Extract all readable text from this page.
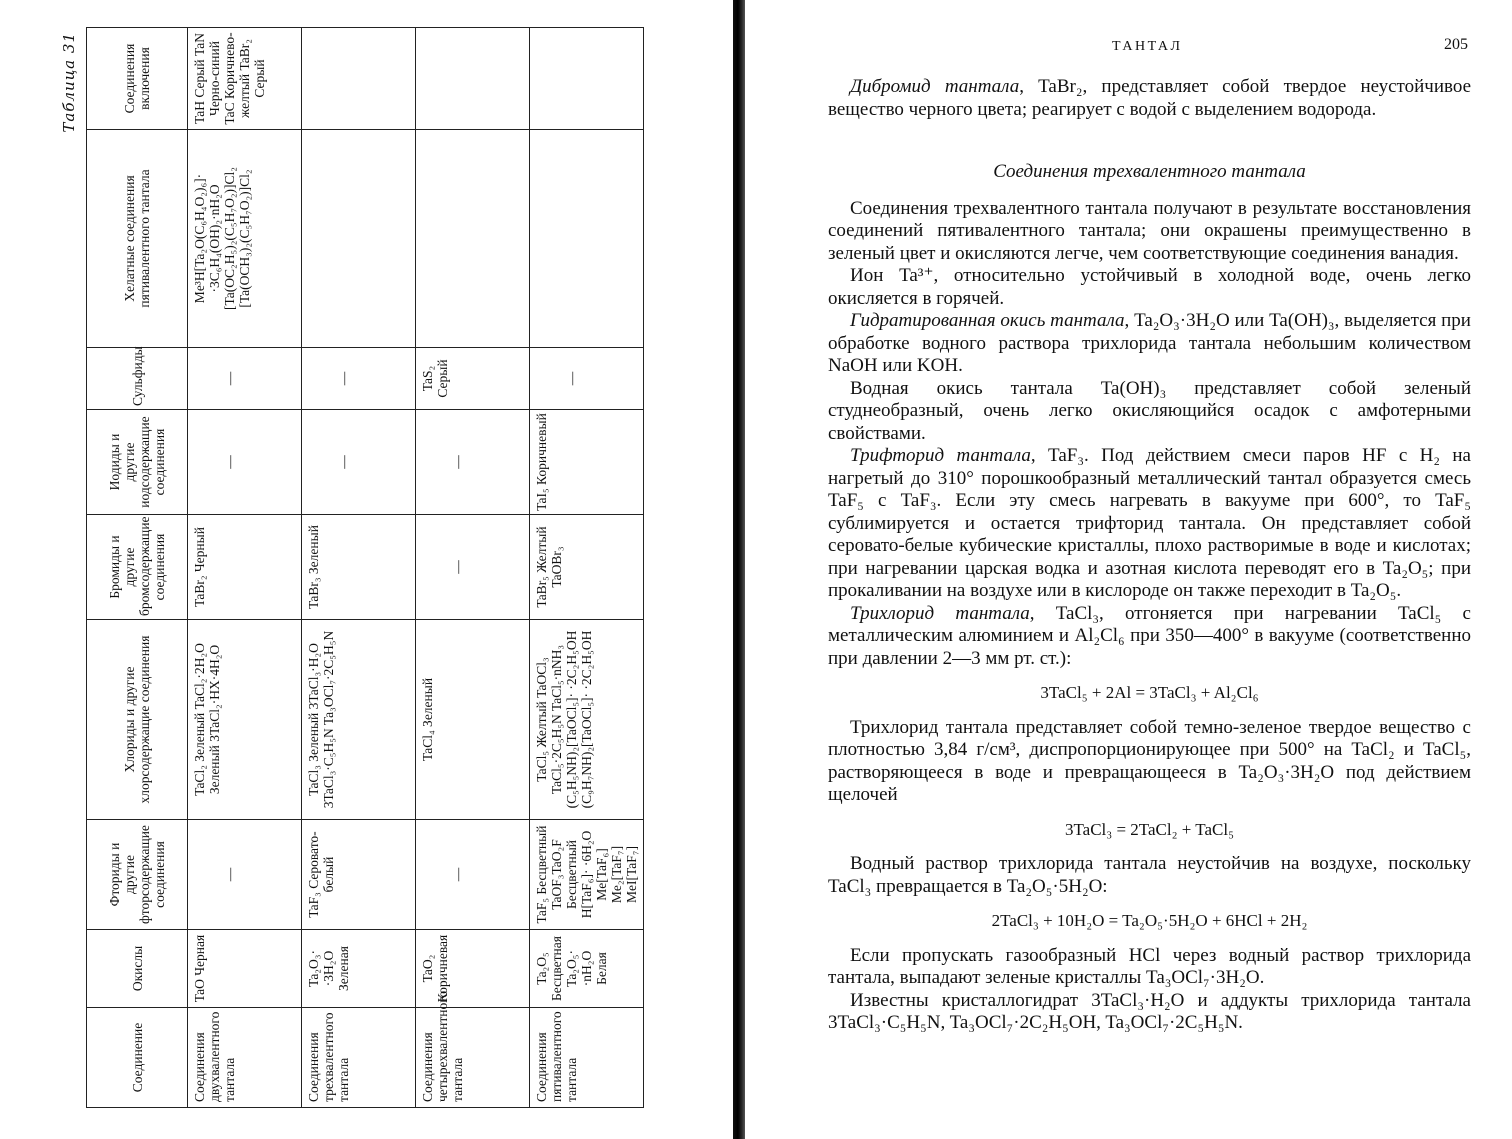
Таблица 31
Соединение	Окислы	Фториды и другие фторсодержащие соединения	Хлориды и другие хлорсодержащие соединения	Бромиды и другие бромсодержащие соединения	Иодиды и другие иодсодержащие соединения	Сульфиды	Хелатные соединения пятивалентного тантала	Соединения включения
Соединения двухвалентного тантала	TaO Черная	—	TaCl₂ Зеленый TaCl₂·2H₂O Зеленый 3TaCl₂·HX·4H₂O	TaBr₂ Черный	—	—	Me³H[Ta₂O(C₆H₄O₂)₆]· ·3C₆H₄(OH)₂·nH₂O [Ta(OC₂H₅)₂(C₅H₇O₂)]Cl₂ [Ta(OCH₃)₂(C₅H₇O₂)]Cl₂	TaH Серый TaN Черно-синий TaC Коричнево-желтый TaBr₂ Серый
Соединения трехвалентного тантала	Ta₂O₃· ·3H₂O Зеленая	TaF₃ Серовато-белый	TaCl₃ Зеленый 3TaCl₃·H₂O 3TaCl₃·C₅H₅N Ta₃OCl₇·2C₅H₅N	TaBr₃ Зеленый	—	—		

Соединения четырехвалентного тантала	TaO₂ Коричневая	—	TaCl₄ Зеленый	—	—	TaS₂ Серый		
Соединения пятивалентного тантала	Ta₂O₅ Бесцветная Ta₂O₅· ·nH₂O Белая	TaF₅ Бесцветный TaOF₃TaO₂F Бесцветный H[TaF₆]· ·6H₂O Me[TaF₆] Me₂[TaF₇] MeI[TaF₇]	TaCl₅ Желтый TaOCl₃ TaCl₅·2C₅H₅N TaCl₅·nNH₃ (C₅H₅NH)₂[TaOCl₅]· ·2C₂H₅OH (C₉H₇NH)₂[TaOCl₅]· ·2C₂H₅OH	TaBr₅ Желтый TaOBr₃	TaI₅ Коричневый	—		

ТАНТАЛ	205

Дибромид тантала, TaBr₂, представляет собой твердое неустойчивое вещество черного цвета; реагирует с водой с выделением водорода.

Соединения трехвалентного тантала

Соединения трехвалентного тантала получают в результате восстановления соединений пятивалентного тантала; они окрашены преимущественно в зеленый цвет и окисляются легче, чем соответствующие соединения ванадия.

Ион Ta³⁺, относительно устойчивый в холодной воде, очень легко окисляется в горячей.

Гидратированная окись тантала, Ta₂O₃·3H₂O или Ta(OH)₃, выделяется при обработке водного раствора трихлорида тантала небольшим количеством NaOH или KOH.

Водная окись тантала Ta(OH)₃ представляет собой зеленый студнеобразный, очень легко окисляющийся осадок с амфотерными свойствами.

Трифторид тантала, TaF₃. Под действием смеси паров HF с H₂ на нагретый до 310° порошкообразный металлический тантал образуется смесь TaF₅ с TaF₃. Если эту смесь нагревать в вакууме при 600°, то TaF₅ сублимируется и остается трифторид тантала. Он представляет собой серовато-белые кубические кристаллы, плохо растворимые в воде и кислотах; при нагревании царская водка и азотная кислота переводят его в Ta₂O₅; при прокаливании на воздухе или в кислороде он также переходит в Ta₂O₅.

Трихлорид тантала, TaCl₃, отгоняется при нагревании TaCl₅ с металлическим алюминием и Al₂Cl₆ при 350—400° в вакууме (соответственно при давлении 2—3 мм рт. ст.):

3TaCl₅ + 2Al = 3TaCl₃ + Al₂Cl₆

Трихлорид тантала представляет собой темно-зеленое твердое вещество с плотностью 3,84 г/см³, диспропорционирующее при 500° на TaCl₂ и TaCl₅, растворяющееся в воде и превращающееся в Ta₂O₃·3H₂O под действием щелочей

3TaCl₃ = 2TaCl₂ + TaCl₅

Водный раствор трихлорида тантала неустойчив на воздухе, поскольку TaCl₃ превращается в Ta₂O₅·5H₂O:

2TaCl₃ + 10H₂O = Ta₂O₅·5H₂O + 6HCl + 2H₂

Если пропускать газообразный HCl через водный раствор трихлорида тантала, выпадают зеленые кристаллы Ta₃OCl₇·3H₂O.

Известны кристаллогидрат 3TaCl₃·H₂O и аддукты трихлорида тантала 3TaCl₃·C₅H₅N, Ta₃OCl₇·2C₂H₅OH, Ta₃OCl₇·2C₅H₅N.
